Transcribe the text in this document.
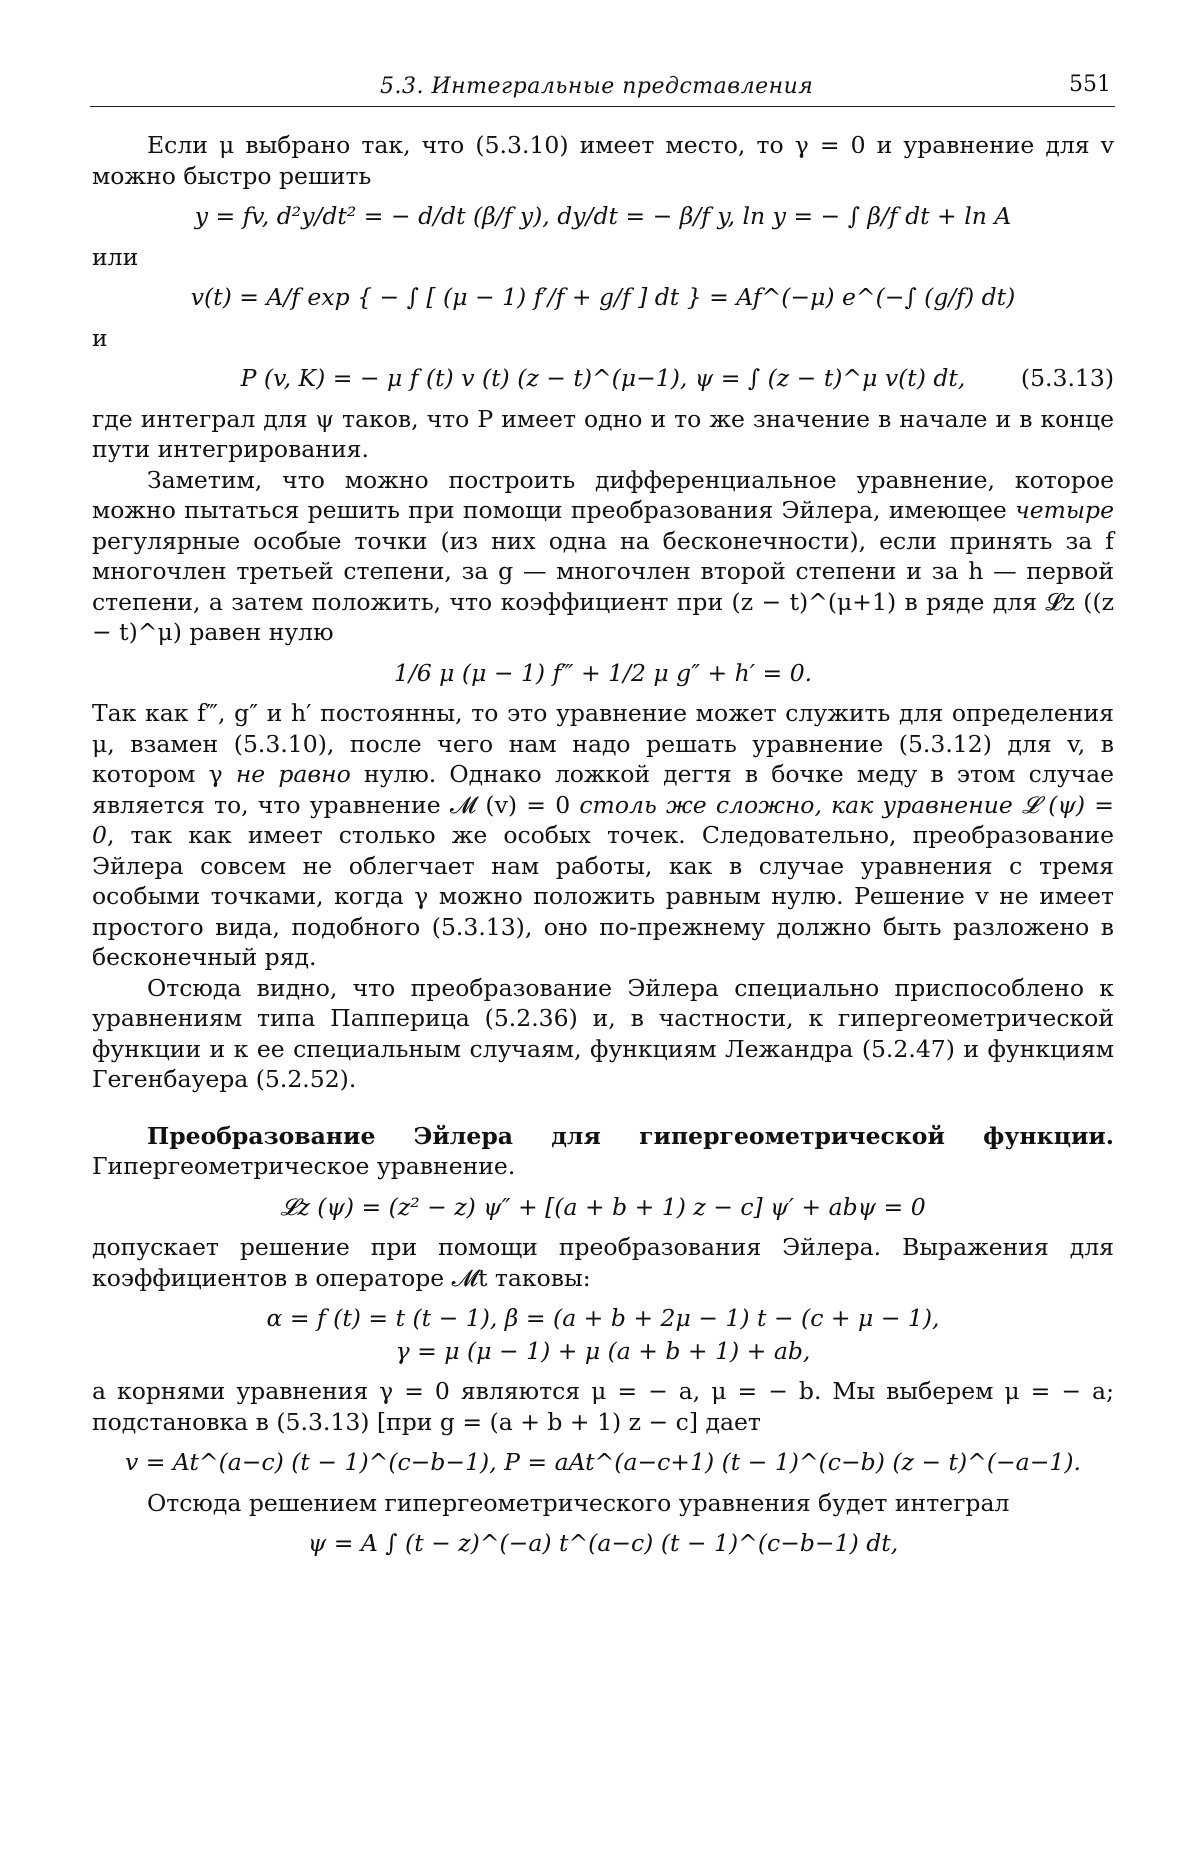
5.3. Интегральные представления	551

Если μ выбрано так, что (5.3.10) имеет место, то γ = 0 и уравнение для v можно быстро решить

y = fv, d²y/dt² = − d/dt (β/f y), dy/dt = − β/f y, ln y = − ∫ β/f dt + ln A

или

v(t) = A/f exp { − ∫ [ (μ − 1) f′/f + g/f ] dt } = Af^(−μ) e^(−∫ (g/f) dt)

и

P (v, K) = − μ f (t) v (t) (z − t)^(μ−1), ψ = ∫ (z − t)^μ v(t) dt, (5.3.13)

где интеграл для ψ таков, что P имеет одно и то же значение в начале и в конце пути интегрирования.

Заметим, что можно построить дифференциальное уравнение, которое можно пытаться решить при помощи преобразования Эйлера, имеющее четыре регулярные особые точки (из них одна на бесконечности), если принять за f многочлен третьей степени, за g — многочлен второй степени и за h — первой степени, а затем положить, что коэффициент при (z − t)^(μ+1) в ряде для 𝓛z ((z − t)^μ) равен нулю

1/6 μ (μ − 1) f‴ + 1/2 μ g″ + h′ = 0.

Так как f‴, g″ и h′ постоянны, то это уравнение может служить для определения μ, взамен (5.3.10), после чего нам надо решать уравнение (5.3.12) для v, в котором γ не равно нулю. Однако ложкой дегтя в бочке меду в этом случае является то, что уравнение 𝓜 (v) = 0 столь же сложно, как уравнение 𝓛 (ψ) = 0, так как имеет столько же особых точек. Следовательно, преобразование Эйлера совсем не облегчает нам работы, как в случае уравнения с тремя особыми точками, когда γ можно положить равным нулю. Решение v не имеет простого вида, подобного (5.3.13), оно по-прежнему должно быть разложено в бесконечный ряд.

Отсюда видно, что преобразование Эйлера специально приспособлено к уравнениям типа Папперица (5.2.36) и, в частности, к гипергеометрической функции и к ее специальным случаям, функциям Лежандра (5.2.47) и функциям Гегенбауера (5.2.52).

Преобразование Эйлера для гипергеометрической функции. Гипергеометрическое уравнение.

𝓛z (ψ) = (z² − z) ψ″ + [(a + b + 1) z − c] ψ′ + abψ = 0

допускает решение при помощи преобразования Эйлера. Выражения для коэффициентов в операторе 𝓜t таковы:

α = f (t) = t (t − 1), β = (a + b + 2μ − 1) t − (c + μ − 1),
γ = μ (μ − 1) + μ (a + b + 1) + ab,

а корнями уравнения γ = 0 являются μ = − a, μ = − b. Мы выберем μ = − a; подстановка в (5.3.13) [при g = (a + b + 1) z − c] дает

v = At^(a−c) (t − 1)^(c−b−1), P = aAt^(a−c+1) (t − 1)^(c−b) (z − t)^(−a−1).

Отсюда решением гипергеометрического уравнения будет интеграл

ψ = A ∫ (t − z)^(−a) t^(a−c) (t − 1)^(c−b−1) dt,
